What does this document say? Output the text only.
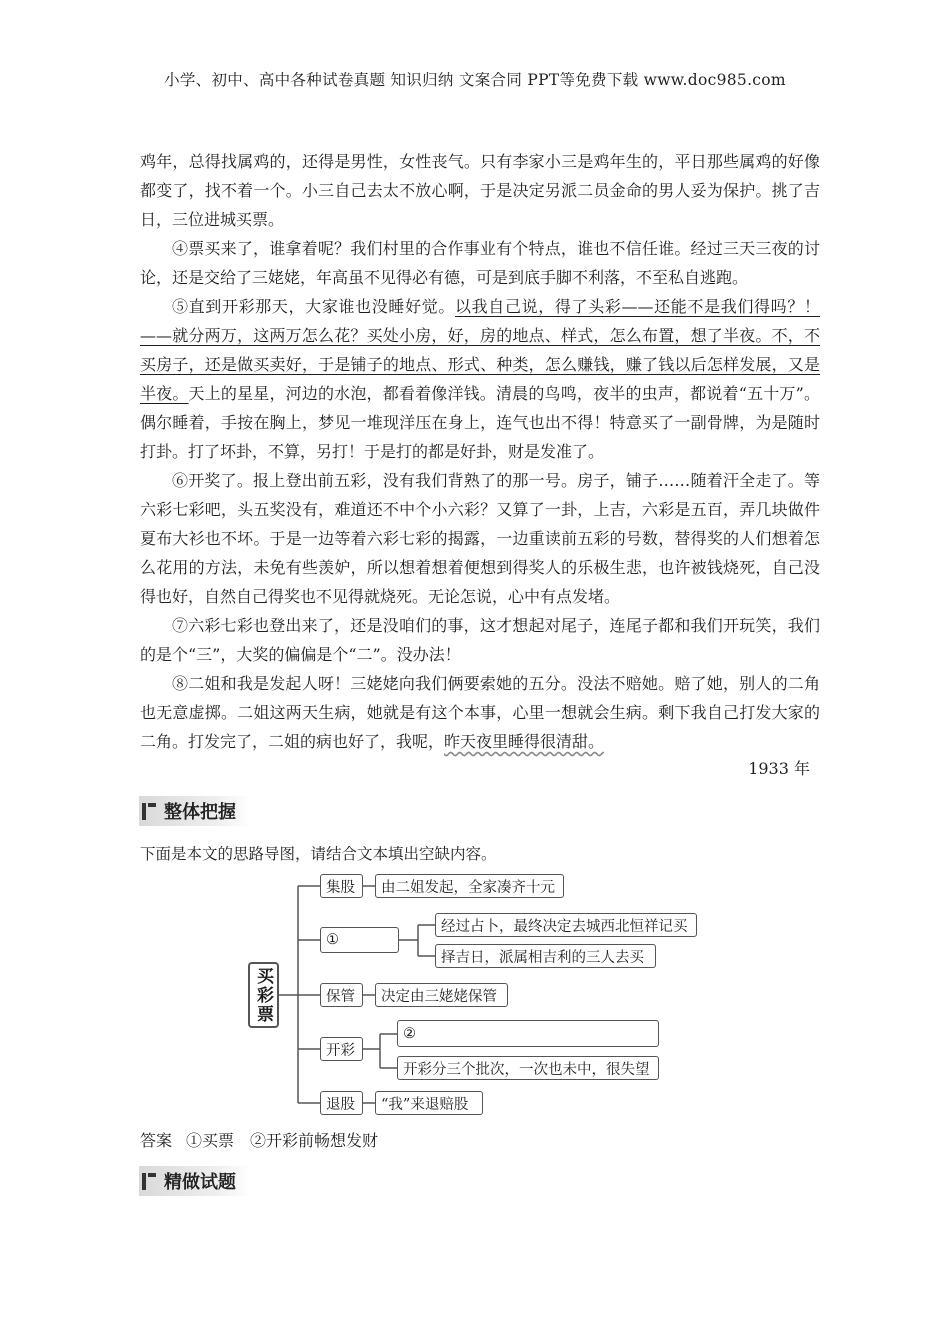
小学、初中、高中各种试卷真题 知识归纳 文案合同 PPT等免费下载 www.doc985.com

鸡年，总得找属鸡的，还得是男性，女性丧气。只有李家小三是鸡年生的，平日那些属鸡的好像都变了，找不着一个。小三自己去太不放心啊，于是决定另派二员金命的男人妥为保护。挑了吉日，三位进城买票。

④票买来了，谁拿着呢？我们村里的合作事业有个特点，谁也不信任谁。经过三天三夜的讨论，还是交给了三姥姥，年高虽不见得必有德，可是到底手脚不利落，不至私自逃跑。

⑤直到开彩那天，大家谁也没睡好觉。以我自己说，得了头彩——还能不是我们得吗？！——就分两万，这两万怎么花？买处小房，好，房的地点、样式，怎么布置，想了半夜。不，不买房子，还是做买卖好，于是铺子的地点、形式、种类，怎么赚钱，赚了钱以后怎样发展，又是半夜。天上的星星，河边的水泡，都看着像洋钱。清晨的鸟鸣，夜半的虫声，都说着“五十万”。偶尔睡着，手按在胸上，梦见一堆现洋压在身上，连气也出不得！特意买了一副骨牌，为是随时打卦。打了坏卦，不算，另打！于是打的都是好卦，财是发准了。

⑥开奖了。报上登出前五彩，没有我们背熟了的那一号。房子，铺子……随着汗全走了。等六彩七彩吧，头五奖没有，难道还不中个小六彩？又算了一卦，上吉，六彩是五百，弄几块做件夏布大衫也不坏。于是一边等着六彩七彩的揭露，一边重读前五彩的号数，替得奖的人们想着怎么花用的方法，未免有些羡妒，所以想着想着便想到得奖人的乐极生悲，也许被钱烧死，自己没得也好，自然自己得奖也不见得就烧死。无论怎说，心中有点发堵。

⑦六彩七彩也登出来了，还是没咱们的事，这才想起对尾子，连尾子都和我们开玩笑，我们的是个“三”，大奖的偏偏是个“二”。没办法！

⑧二姐和我是发起人呀！三姥姥向我们俩要索她的五分。没法不赔她。赔了她，别人的二角也无意虚掷。二姐这两天生病，她就是有这个本事，心里一想就会生病。剩下我自己打发大家的二角。打发完了，二姐的病也好了，我呢，昨天夜里睡得很清甜。

1933 年
整体把握
下面是本文的思路导图，请结合文本填出空缺内容。
买彩票
集股	由二姐发起，全家凑齐十元
①
经过占卜，最终决定去城西北恒祥记买
择吉日，派属相吉利的三人去买
保管	决定由三姥姥保管
开彩
②
开彩分三个批次，一次也未中，很失望
退股	“我”来退赔股
答案 ①买票 ②开彩前畅想发财
精做试题
